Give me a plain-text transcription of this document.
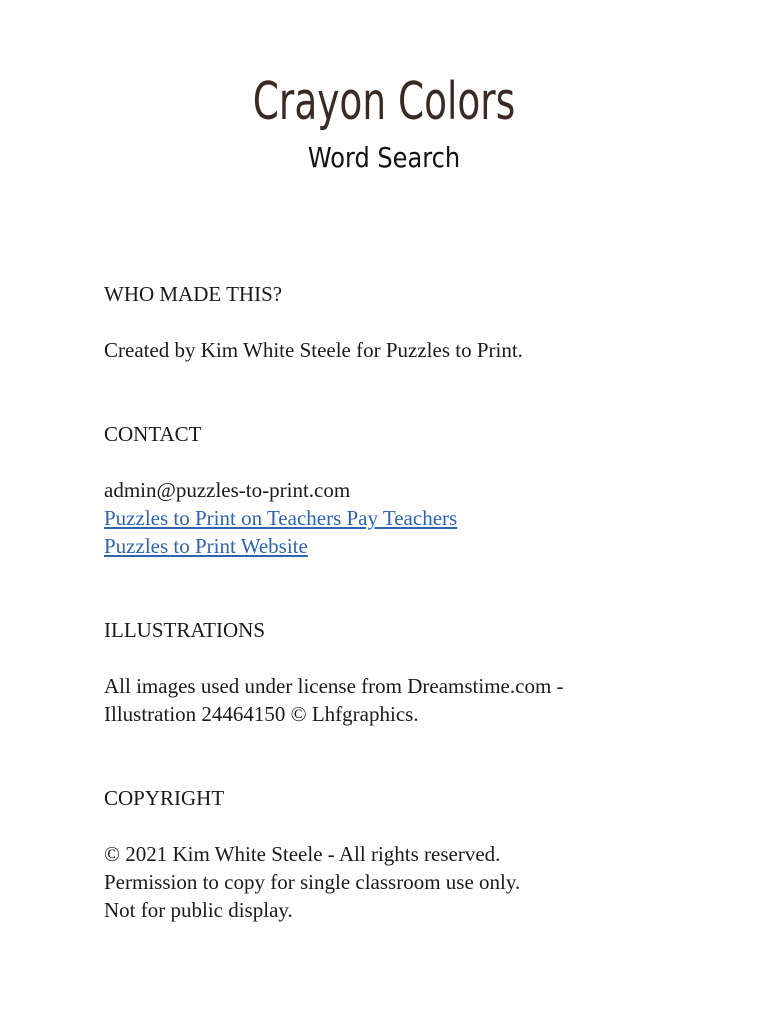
Crayon Colors
Word Search
WHO MADE THIS?
Created by Kim White Steele for Puzzles to Print.
CONTACT
admin@puzzles-to-print.com
Puzzles to Print on Teachers Pay Teachers
Puzzles to Print Website
ILLUSTRATIONS
All images used under license from Dreamstime.com -
Illustration 24464150 © Lhfgraphics.
COPYRIGHT
© 2021 Kim White Steele - All rights reserved.
Permission to copy for single classroom use only.
Not for public display.
